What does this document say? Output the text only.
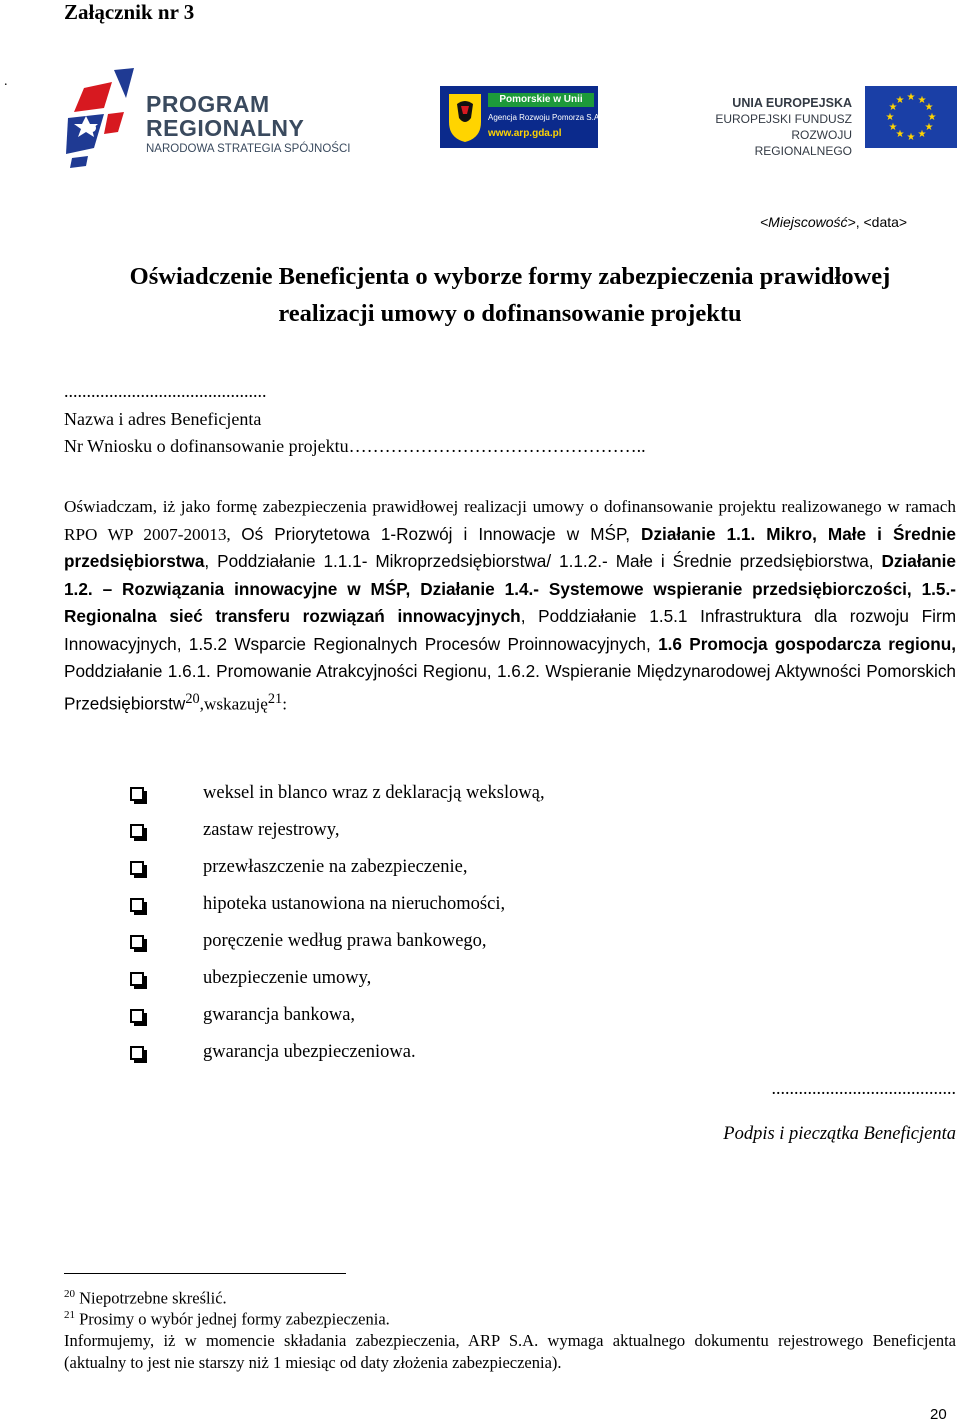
Załącznik nr 3
.
PROGRAM
REGIONALNY
NARODOWA STRATEGIA SPÓJNOŚCI
Pomorskie w Unii
Agencja Rozwoju Pomorza S.A.
www.arp.gda.pl
UNIA EUROPEJSKA
EUROPEJSKI FUNDUSZ
ROZWOJU REGIONALNEGO
★ ★
★
★
★
★
★
★
★
★
★
★
<Miejscowość>, <data>
Oświadczenie Beneficjenta o wyborze formy zabezpieczenia prawidłowej
realizacji umowy o dofinansowanie projektu
.............................................
Nazwa i adres Beneficjenta
Nr Wniosku o dofinansowanie projektu…………………………………………..
Oświadczam, iż jako formę zabezpieczenia prawidłowej realizacji umowy o dofinansowanie projektu realizowanego w ramach RPO WP 2007-20013, Oś Priorytetowa 1-Rozwój i Innowacje w MŚP, Działanie 1.1. Mikro, Małe i Średnie przedsiębiorstwa, Poddziałanie 1.1.1- Mikroprzedsiębiorstwa/ 1.1.2.- Małe i Średnie przedsiębiorstwa, Działanie 1.2. – Rozwiązania innowacyjne w MŚP, Działanie 1.4.- Systemowe wspieranie przedsiębiorczości, 1.5.- Regionalna sieć transferu rozwiązań innowacyjnych, Poddziałanie 1.5.1 Infrastruktura dla rozwoju Firm Innowacyjnych, 1.5.2 Wsparcie Regionalnych Procesów Proinnowacyjnych, 1.6 Promocja gospodarcza regionu, Poddziałanie 1.6.1. Promowanie Atrakcyjności Regionu, 1.6.2. Wspieranie Międzynarodowej Aktywności Pomorskich Przedsiębiorstw$^{20}$,wskazuję$^{21}$:
weksel in blanco wraz z deklaracją wekslową,
zastaw rejestrowy,
przewłaszczenie na zabezpieczenie,
hipoteka ustanowiona na nieruchomości,
poręczenie według prawa bankowego,
ubezpieczenie umowy,
gwarancja bankowa,
gwarancja ubezpieczeniowa.
.........................................
Podpis i pieczątka Beneficjenta
$^{20}$ Niepotrzebne skreślić.
$^{21}$ Prosimy o wybór jednej formy zabezpieczenia.
Informujemy, iż w momencie składania zabezpieczenia, ARP S.A. wymaga aktualnego dokumentu rejestrowego Beneficjenta (aktualny to jest nie starszy niż 1 miesiąc od daty złożenia zabezpieczenia).
20
